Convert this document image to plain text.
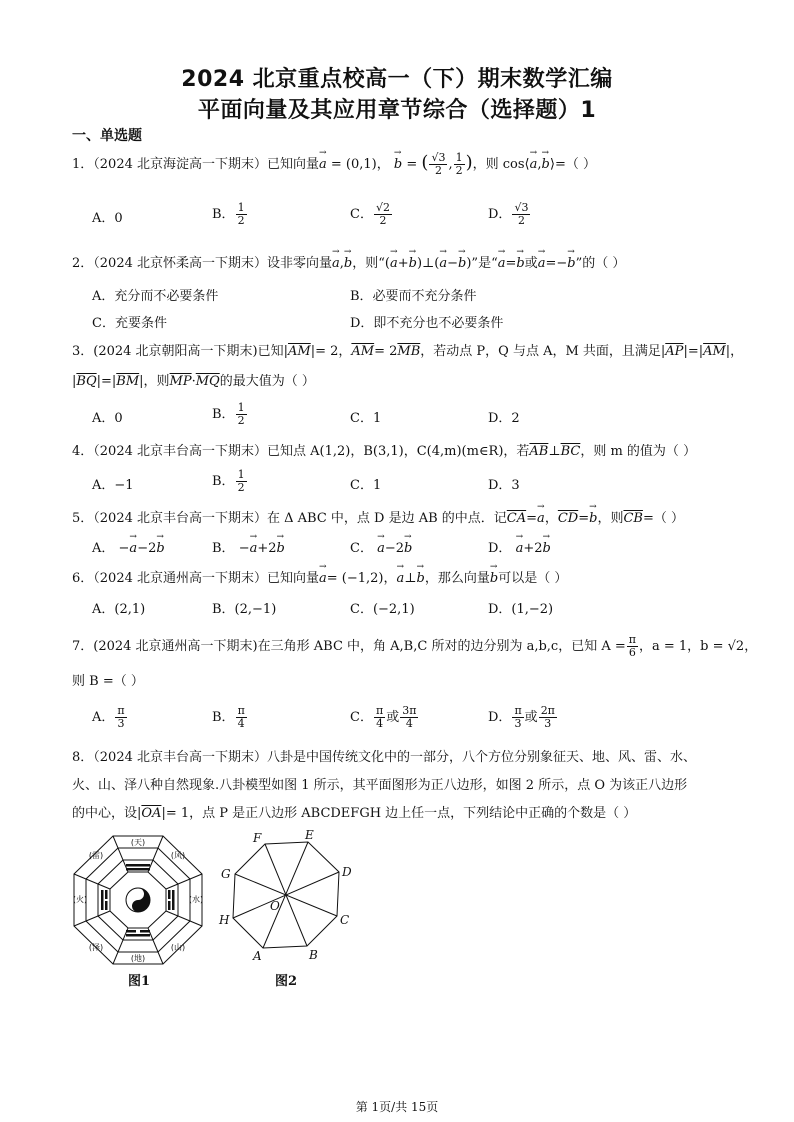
2024 北京重点校高一（下）期末数学汇编
平面向量及其应用章节综合（选择题）1
一、单选题
1．（2024 北京海淀高一下期末）已知向量→ a = (0,1)， → b = ( $\frac{√3}{2}$ , $\frac{1}{2}$ )，则 cos⟨→ a,→ b⟩=（ ）
A．0	B． $\frac{1}{2}$	C． $\frac{√2}{2}$	D． $\frac{√3}{2}$
2．（2024 北京怀柔高一下期末）设非零向量→ a,→ b，则“(→ a+→ b)⊥(→ a−→ b)”是“→ a=→ b或→ a=−→ b”的（ ）
A．充分而不必要条件	B．必要而不充分条件
C．充要条件	D．即不充分也不必要条件
3．(2024 北京朝阳高一下期末)已知$|\overline{AM}|= 2$，$\overline{AM}= 2\overline{MB}$，若动点 P，Q 与点 A，M 共面，且满足$|\overline{AP}|=|\overline{AM}|$，
$|\overline{BQ}|=|\overline{BM}|$，则$\overline{MP}\cdot\overline{MQ}$的最大值为（ ）
A．0	B． $\frac{1}{2}$	C．1	D．2
4．（2024 北京丰台高一下期末）已知点 A(1,2)，B(3,1)，C(4,m)(m∈R)，若$\overline{AB}\perp\overline{BC}$，则 m 的值为（ ）
A．−1	B． $\frac{1}{2}$	C．1	D．3
5．（2024 北京丰台高一下期末）在 Δ ABC 中，点 D 是边 AB 的中点．记$\overline{CA}=\to a$，$\overline{CD}=\to b$，则$\overline{CB}=$（ ）
A． −→ a−2→ b	B． −→ a+2→ b	C． → a−2→ b	D． → a+2→ b
6．（2024 北京通州高一下期末）已知向量→ a= (−1,2)，→ a⊥→ b，那么向量→ b可以是（ ）
A．(2,1)	B．(2,−1)	C．(−2,1)	D．(1,−2)
7．(2024 北京通州高一下期末)在三角形 ABC 中，角 A,B,C 所对的边分别为 a,b,c，已知 $A = \frac{\pi}{6}$ ，a = 1，b = √2，
则 B =（ ）
A． $\frac{\pi}{3}$	B． $\frac{\pi}{4}$	C． $\frac{\pi}{4}$ 或 $\frac{3\pi}{4}$	D． $\frac{\pi}{3}$ 或 $\frac{2\pi}{3}$
8．（2024 北京丰台高一下期末）八卦是中国传统文化中的一部分，八个方位分别象征天、地、风、雷、水、
火、山、泽八种自然现象.八卦模型如图 1 所示，其平面图形为正八边形，如图 2 所示，点 O 为该正八边形
的中心，设$|\overline{OA}|= 1$，点 P 是正八边形 ABCDEFGH 边上任一点，下列结论中正确的个数是（ ）
(天)
(地)
(风)
(雷)
(水)
(火)
(山)
(泽)
图1
F	E
D
G
H	C
A	B
O
图2
第 1页/共 15页
